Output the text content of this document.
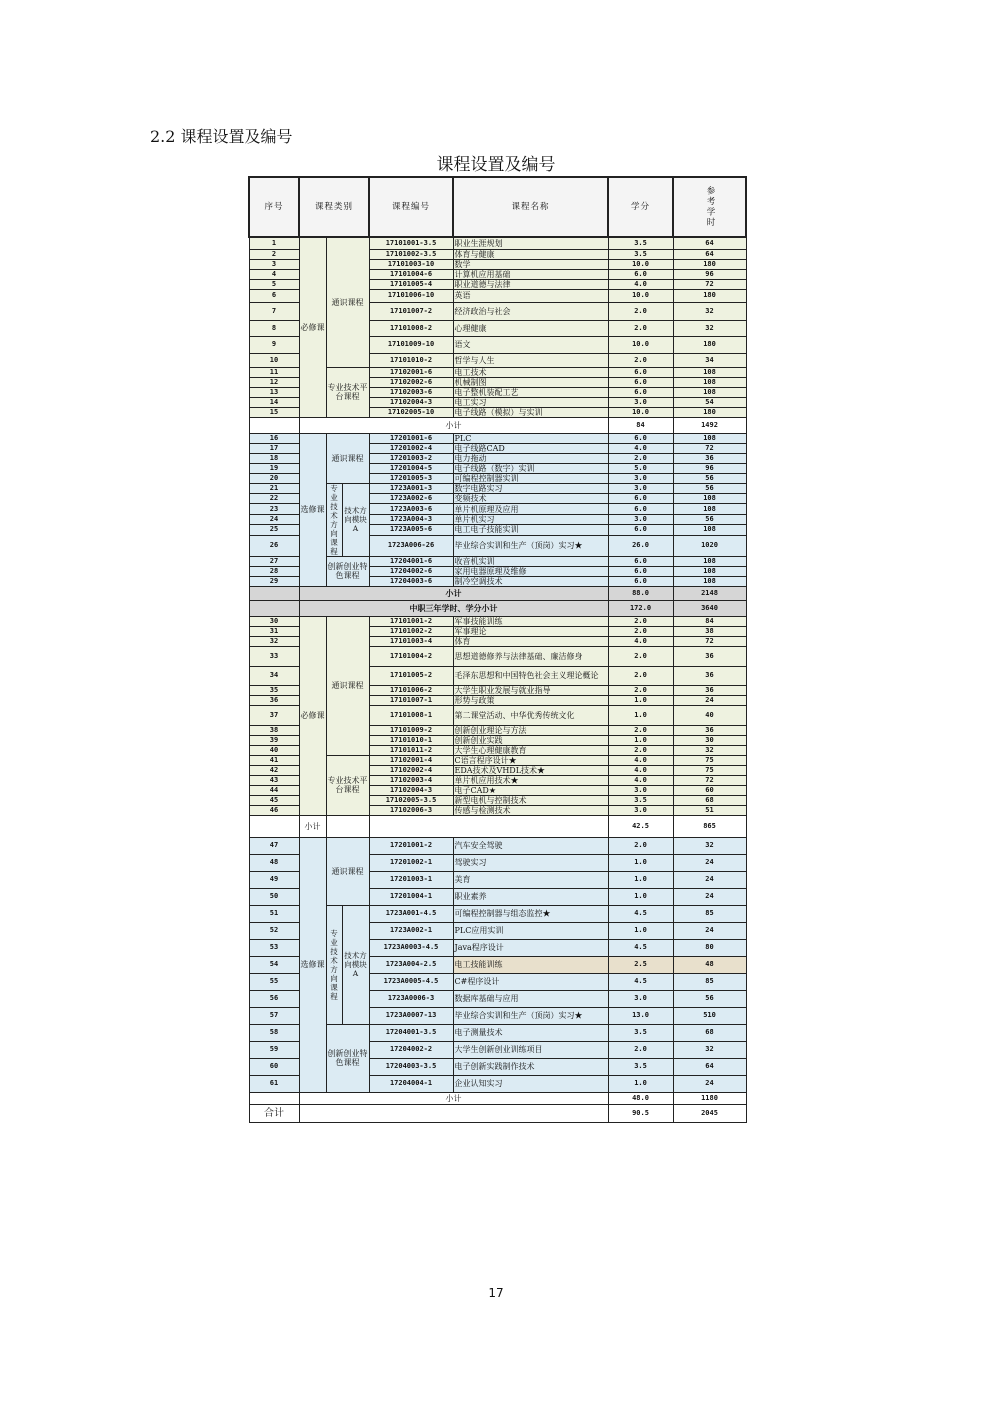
2.2 课程设置及编号
课程设置及编号
序号	课程类别			课程编号	课程名称	学分	参考学时
1	必修课	通识课程		17101001-3.5	职业生涯规划	3.5	64
2				17101002-3.5	体育与健康	3.5	64
3				17101003-10	数学	10.0	180
4				17101004-6	计算机应用基础	6.0	96
5				17101005-4	职业道德与法律	4.0	72
6				17101006-10	英语	10.0	180
7				17101007-2	经济政治与社会	2.0	32
8				17101008-2	心理健康	2.0	32
9				17101009-10	语文	10.0	180
10				17101010-2	哲学与人生	2.0	34
11		专业技术平台课程		17102001-6	电工技术	6.0	108
12				17102002-6	机械制图	6.0	108
13				17102003-6	电子整机装配工艺	6.0	108
14				17102004-3	电工实习	3.0	54
15				17102005-10	电子线路（模拟）与实训	10.0	180
	小计					84	1492
16	选修课	通识课程		17201001-6	PLC	6.0	108
17				17201002-4	电子线路CAD	4.0	72
18				17201003-2	电力拖动	2.0	36
19				17201004-5	电子线路（数字）实训	5.0	96
20				17201005-3	可编程控制器实训	3.0	56
21		专业技术方向课程	技术方向模块A	1723A001-3	数字电路实习	3.0	56
22				1723A002-6	变频技术	6.0	108
23				1723A003-6	单片机原理及应用	6.0	108
24				1723A004-3	单片机实习	3.0	56
25				1723A005-6	电工电子技能实训	6.0	108
26				1723A006-26	毕业综合实训和生产（顶岗）实习★	26.0	1020
27		创新创业特色课程		17204001-6	收音机实训	6.0	108
28				17204002-6	家用电器原理及维修	6.0	108
29				17204003-6	制冷空调技术	6.0	108
	小计					88.0	2148
	中职三年学时、学分小计					172.0	3640
30	必修课	通识课程		17101001-2	军事技能训练	2.0	84
31				17101002-2	军事理论	2.0	38
32				17101003-4	体育	4.0	72
33				17101004-2	思想道德修养与法律基础、廉洁修身	2.0	36
34				17101005-2	毛泽东思想和中国特色社会主义理论概论	2.0	36
35				17101006-2	大学生职业发展与就业指导	2.0	36
36				17101007-1	形势与政策	1.0	24
37				17101008-1	第二课堂活动、中华优秀传统文化	1.0	40
38				17101009-2	创新创业理论与方法	2.0	36
39				17101010-1	创新创业实践	1.0	30
40				17101011-2	大学生心理健康教育	2.0	32
41		专业技术平台课程		17102001-4	C语言程序设计★	4.0	75
42				17102002-4	EDA技术及VHDL技术★	4.0	75
43				17102003-4	单片机应用技术★	4.0	72
44				17102004-3	电子CAD★	3.0	60
45				17102005-3.5	新型电机与控制技术	3.5	68
46				17102006-3	传感与检测技术	3.0	51
	小计					42.5	865
47	选修课	通识课程		17201001-2	汽车安全驾驶	2.0	32
48				17201002-1	驾驶实习	1.0	24
49				17201003-1	美育	1.0	24
50				17201004-1	职业素养	1.0	24
51		专业技术方向课程	技术方向模块A	1723A001-4.5	可编程控制器与组态监控★	4.5	85
52				1723A002-1	PLC应用实训	1.0	24
53				1723A0003-4.5	Java程序设计	4.5	80
54				1723A004-2.5	电工技能训练	2.5	48
55				1723A0005-4.5	C#程序设计	4.5	85
56				1723A0006-3	数据库基础与应用	3.0	56
57				1723A0007-13	毕业综合实训和生产（顶岗）实习★	13.0	510
58		创新创业特色课程		17204001-3.5	电子测量技术	3.5	68
59				17204002-2	大学生创新创业训练项目	2.0	32
60				17204003-3.5	电子创新实践制作技术	3.5	64
61				17204004-1	企业认知实习	1.0	24
	小计					48.0	1180
合计						90.5	2045
17
